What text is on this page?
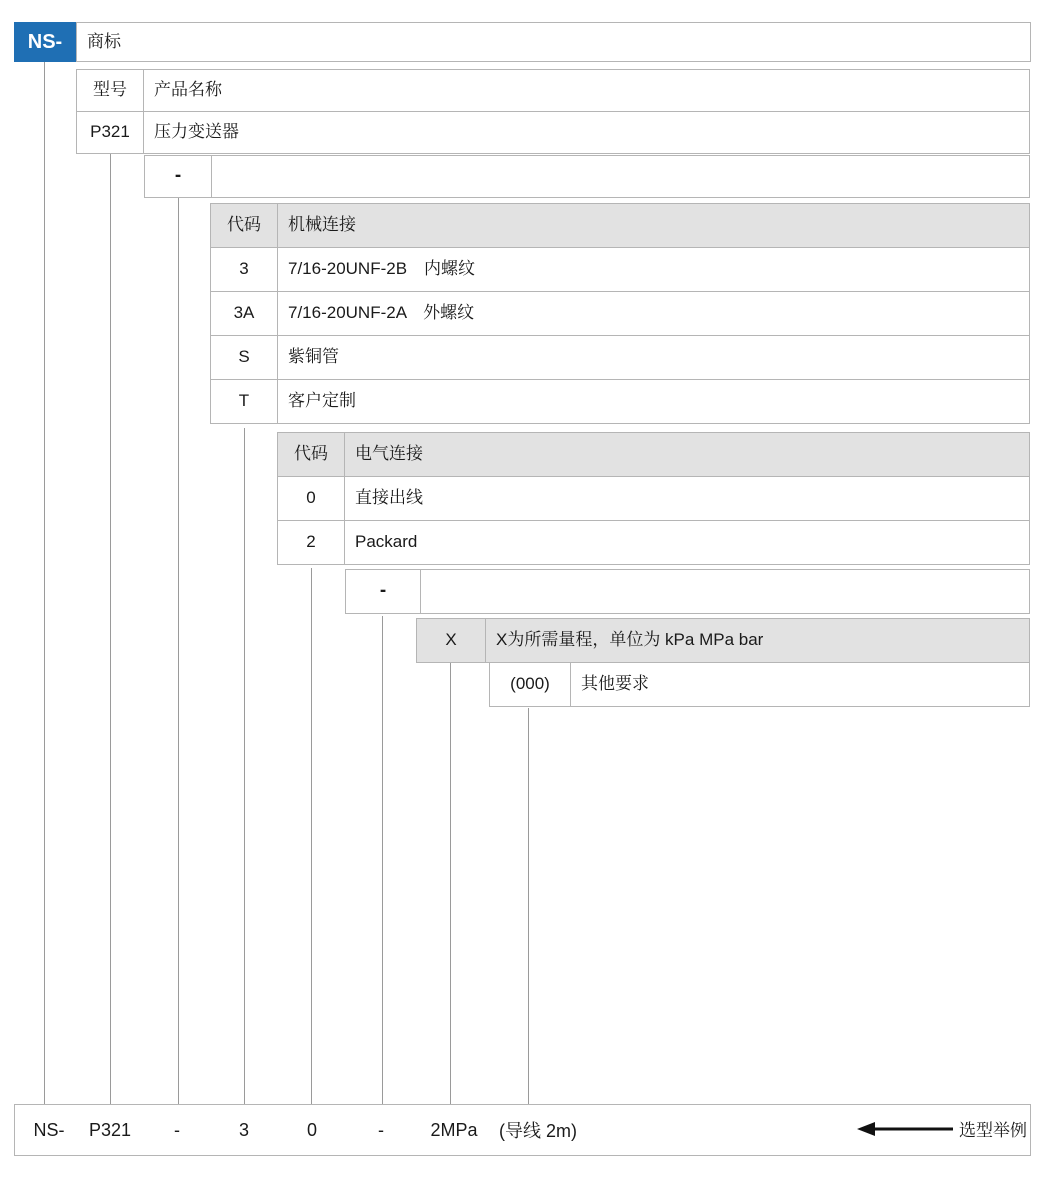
NS-	商标
型号	产品名称
P321	压力变送器
-
代码	机械连接
3	7/16-20UNF-2B　内螺纹
3A	7/16-20UNF-2A　外螺纹
S	紫铜管
T	客户定制
代码	电气连接
0	直接出线
2	Packard
-
X	X为所需量程，单位为 kPa MPa bar
(000)	其他要求
NS-	P321	-	3	0	-	2MPa	(导线 2m)	选型举例
